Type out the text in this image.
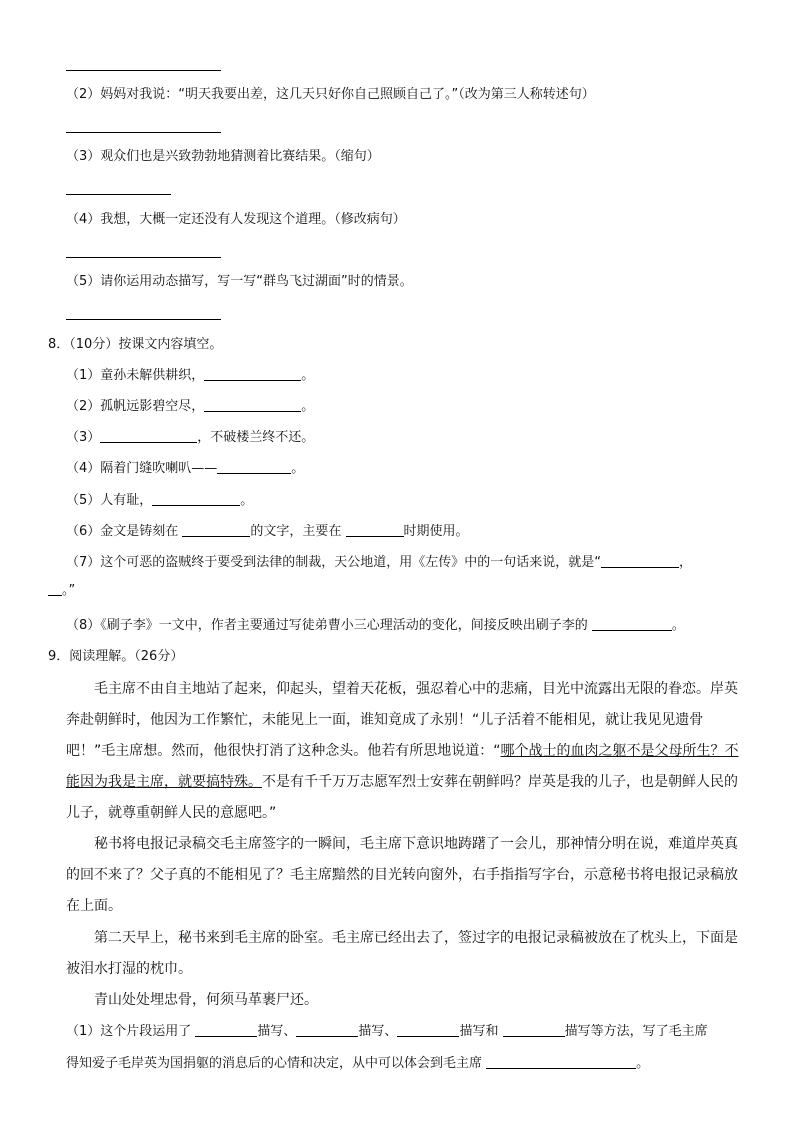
（2）妈妈对我说：“明天我要出差，这几天只好你自己照顾自己了。”（改为第三人称转述句）
（3）观众们也是兴致勃勃地猜测着比赛结果。（缩句）
（4）我想，大概一定还没有人发现这个道理。（修改病句）
（5）请你运用动态描写，写一写“群鸟飞过湖面”时的情景。
8．（10分）按课文内容填空。
（1）童孙未解供耕织，	。
（2）孤帆远影碧空尽，	。
（3）	，不破楼兰终不还。
（4）隔着门缝吹喇叭——	。
（5）人有耻，	。
（6）金文是铸刻在	的文字，主要在	时期使用。
（7）这个可恶的盗贼终于要受到法律的制裁，天公地道，用《左传》中的一句话来说，就是“	，
。”
（8）《刷子李》一文中，作者主要通过写徒弟曹小三心理活动的变化，间接反映出刷子李的	。
9．阅读理解。（26分）
毛主席不由自主地站了起来，仰起头，望着天花板，强忍着心中的悲痛，目光中流露出无限的眷恋。岸英奔赴朝鲜时，他因为工作繁忙，未能见上一面，谁知竟成了永别！“儿子活着不能相见，就让我见见遗骨吧！”毛主席想。然而，他很快打消了这种念头。他若有所思地说道：“哪个战士的血肉之躯不是父母所生？不能因为我是主席，就要搞特殊。不是有千千万万志愿军烈士安葬在朝鲜吗？岸英是我的儿子，也是朝鲜人民的儿子，就尊重朝鲜人民的意愿吧。”
秘书将电报记录稿交毛主席签字的一瞬间，毛主席下意识地踌躇了一会儿，那神情分明在说，难道岸英真的回不来了？父子真的不能相见了？毛主席黯然的目光转向窗外，右手指指写字台，示意秘书将电报记录稿放在上面。
第二天早上，秘书来到毛主席的卧室。毛主席已经出去了，签过字的电报记录稿被放在了枕头上，下面是被泪水打湿的枕巾。
青山处处埋忠骨，何须马革裹尸还。
（1）这个片段运用了	描写、	描写、	描写和	描写等方法，写了毛主席
得知爱子毛岸英为国捐躯的消息后的心情和决定，从中可以体会到毛主席	。
